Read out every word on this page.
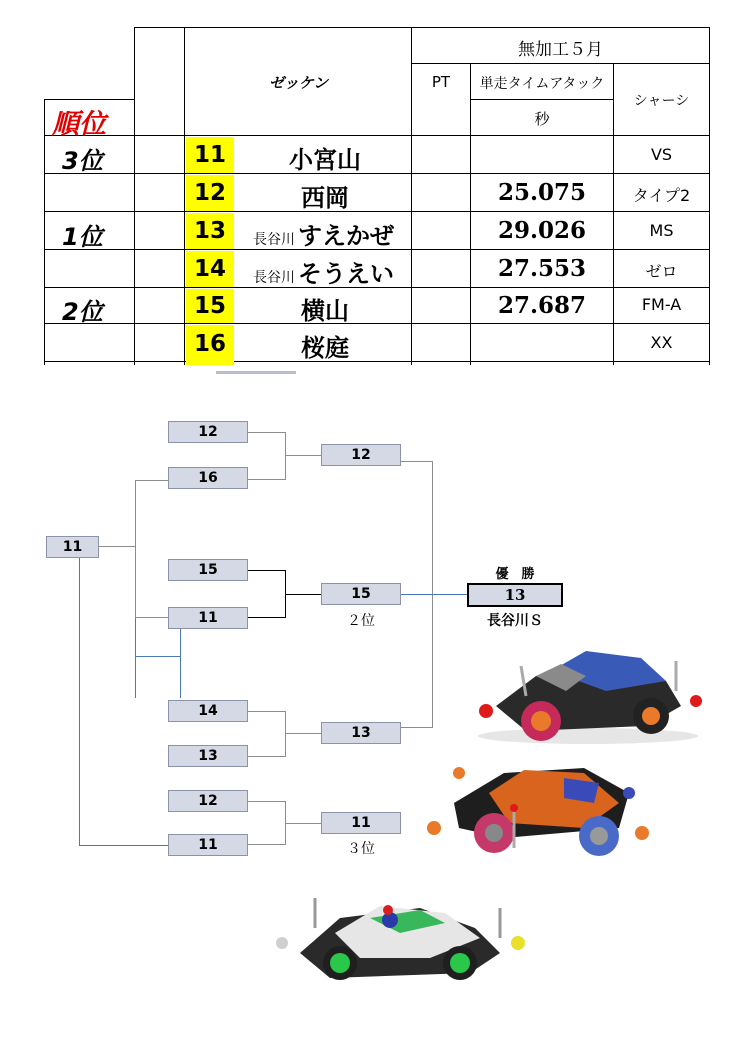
無加工５月
ゼッケン	PT	単走タイムアタック
秒
シャーシ
順位
11
12
13
14
15
16
3位
1位
2位
小宮山
西岡
長谷川 すえかぜ
長谷川 そうえい
横山
桜庭
25.075
29.026
27.553
27.687
VS
タイプ2
MS
ゼロ
FM-A
XX
11
12
16
15
11
14
13
12
11
12
15
２位
13
11
３位
優　勝
13
長谷川Ｓ
